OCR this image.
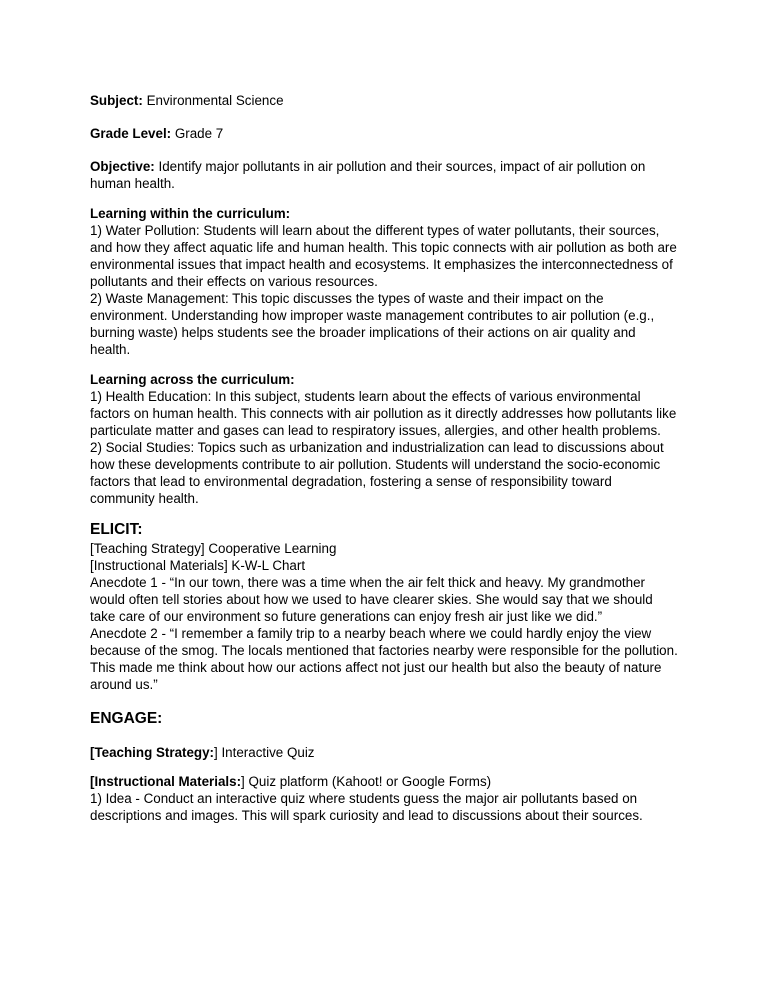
Subject: Environmental Science

Grade Level: Grade 7

Objective: Identify major pollutants in air pollution and their sources, impact of air pollution on human health.

Learning within the curriculum:
1) Water Pollution: Students will learn about the different types of water pollutants, their sources, and how they affect aquatic life and human health. This topic connects with air pollution as both are environmental issues that impact health and ecosystems. It emphasizes the interconnectedness of pollutants and their effects on various resources.
2) Waste Management: This topic discusses the types of waste and their impact on the environment. Understanding how improper waste management contributes to air pollution (e.g., burning waste) helps students see the broader implications of their actions on air quality and health.
Learning across the curriculum:
1) Health Education: In this subject, students learn about the effects of various environmental factors on human health. This connects with air pollution as it directly addresses how pollutants like particulate matter and gases can lead to respiratory issues, allergies, and other health problems.
2) Social Studies: Topics such as urbanization and industrialization can lead to discussions about how these developments contribute to air pollution. Students will understand the socio-economic factors that lead to environmental degradation, fostering a sense of responsibility toward community health.
ELICIT:
[Teaching Strategy] Cooperative Learning
[Instructional Materials] K-W-L Chart
Anecdote 1 - “In our town, there was a time when the air felt thick and heavy. My grandmother would often tell stories about how we used to have clearer skies. She would say that we should take care of our environment so future generations can enjoy fresh air just like we did.”
Anecdote 2 - “I remember a family trip to a nearby beach where we could hardly enjoy the view because of the smog. The locals mentioned that factories nearby were responsible for the pollution. This made me think about how our actions affect not just our health but also the beauty of nature around us.”
ENGAGE:

[Teaching Strategy:] Interactive Quiz

[Instructional Materials:] Quiz platform (Kahoot! or Google Forms)
1) Idea - Conduct an interactive quiz where students guess the major air pollutants based on descriptions and images. This will spark curiosity and lead to discussions about their sources.
